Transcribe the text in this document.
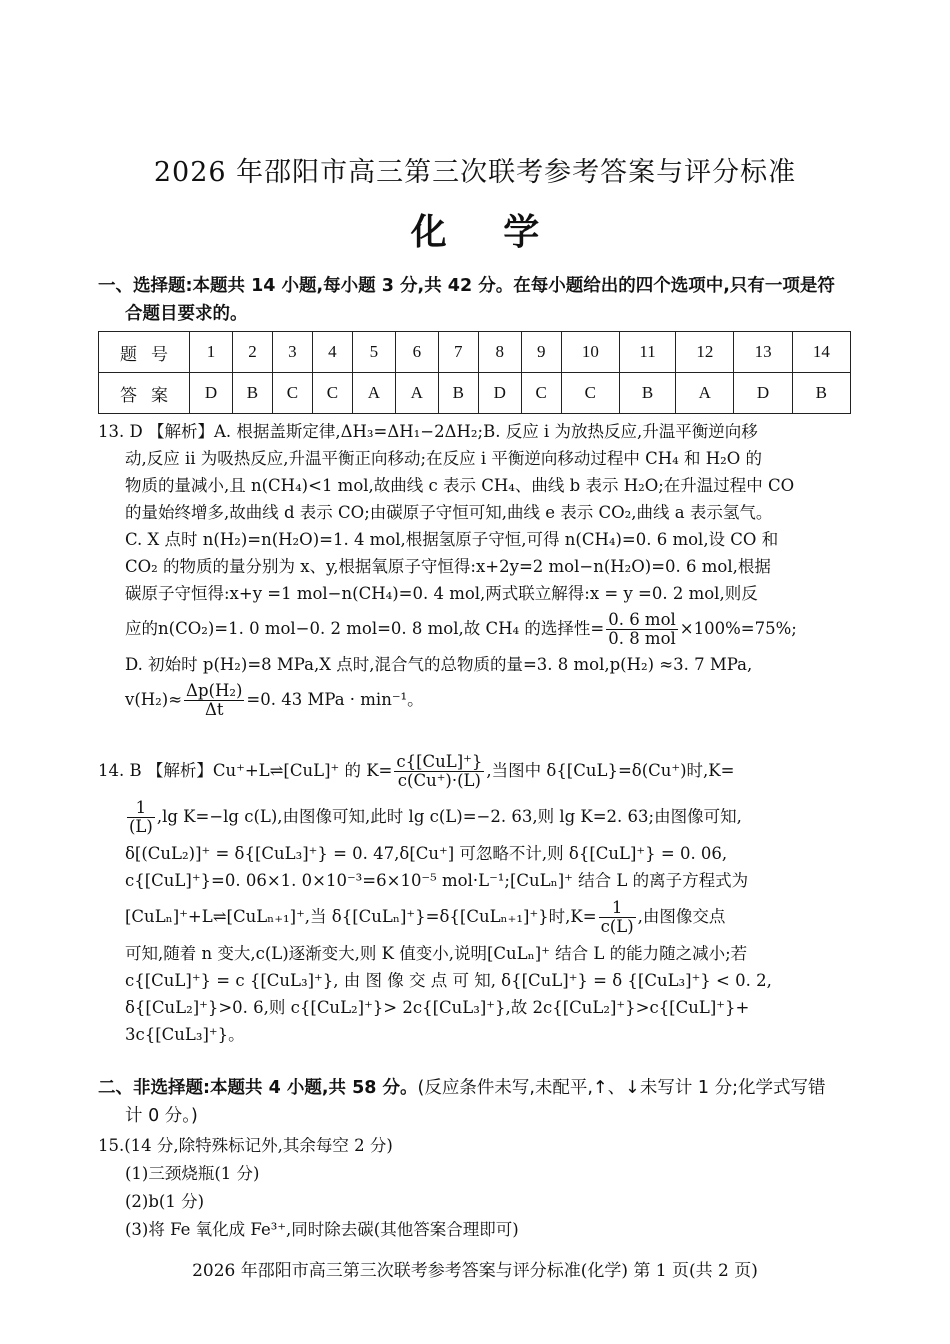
2026 年邵阳市高三第三次联考参考答案与评分标准
化 学
一、选择题:本题共 14 小题,每小题 3 分,共 42 分。在每小题给出的四个选项中,只有一项是符
合题目要求的。
题号	1	2	3	4	5	6	7	8	9	10	11	12	13	14
答案	D	B	C	C	A	A	B	D	C	C	B	A	D	B
13. D 【解析】A. 根据盖斯定律,ΔH₃=ΔH₁−2ΔH₂;B. 反应 ⅰ 为放热反应,升温平衡逆向移
动,反应 ⅱ 为吸热反应,升温平衡正向移动;在反应 ⅰ 平衡逆向移动过程中 CH₄ 和 H₂O 的
物质的量减小,且 n(CH₄)<1 mol,故曲线 c 表示 CH₄、曲线 b 表示 H₂O;在升温过程中 CO
的量始终增多,故曲线 d 表示 CO;由碳原子守恒可知,曲线 e 表示 CO₂,曲线 a 表示氢气。
C. X 点时 n(H₂)=n(H₂O)=1. 4 mol,根据氢原子守恒,可得 n(CH₄)=0. 6 mol,设 CO 和
CO₂ 的物质的量分别为 x、y,根据氧原子守恒得:x+2y=2 mol−n(H₂O)=0. 6 mol,根据
碳原子守恒得:x+y =1 mol−n(CH₄)=0. 4 mol,两式联立解得:x = y =0. 2 mol,则反
应的n(CO₂)=1. 0 mol−0. 2 mol=0. 8 mol,故 CH₄ 的选择性= $\frac{\text{0. 6 mol}}{\text{0. 8 mol}} \times 100\%=75\%$;
D. 初始时 p(H₂)=8 MPa,X 点时,混合气的总物质的量=3. 8 mol,p(H₂) ≈3. 7 MPa,
$v(H_2)\approx \frac{\text{Δp(H₂)}}{\Delta t} =0$. 43 MPa · min⁻¹。
14. B 【解析】Cu⁺+L⇌[CuL]⁺ 的 $K= \frac{\text{c\{[CuL]⁺\}}}{c(Cu^+)\cdot(L)}$ ,当图中 δ{[CuL}=δ(Cu⁺)时,K=
$\frac{1}{(L)} ,\lg$ K=−lg c(L),由图像可知,此时 lg c(L)=−2. 63,则 lg K=2. 63;由图像可知,
δ[(CuL₂)]⁺ = δ{[CuL₃]⁺} = 0. 47,δ[Cu⁺] 可忽略不计,则 δ{[CuL]⁺} = 0. 06,
c{[CuL]⁺}=0. 06×1. 0×10⁻³=6×10⁻⁵ mol·L⁻¹;[CuLₙ]⁺ 结合 L 的离子方程式为
[CuLₙ]⁺+L⇌[CuLₙ₊₁]⁺,当 δ{[CuLₙ]⁺}=δ{[CuLₙ₊₁]⁺}时$,K= \frac{1}{c(L)}$ ,由图像交点
可知,随着 n 变大,c(L)逐渐变大,则 K 值变小,说明[CuLₙ]⁺ 结合 L 的能力随之减小;若
c{[CuL]⁺} = c {[CuL₃]⁺}, 由 图 像 交 点 可 知, δ{[CuL]⁺} = δ {[CuL₃]⁺} < 0. 2,
δ{[CuL₂]⁺}>0. 6,则 c{[CuL₂]⁺}> 2c{[CuL₃]⁺},故 2c{[CuL₂]⁺}>c{[CuL]⁺}+
3c{[CuL₃]⁺}。
二、非选择题:本题共 4 小题,共 58 分。(反应条件未写,未配平,↑、↓未写计 1 分;化学式写错
计 0 分。)
15.(14 分,除特殊标记外,其余每空 2 分)
(1)三颈烧瓶(1 分)
(2)b(1 分)
(3)将 Fe 氧化成 Fe³⁺,同时除去碳(其他答案合理即可)
2026 年邵阳市高三第三次联考参考答案与评分标准(化学) 第 1 页(共 2 页)
